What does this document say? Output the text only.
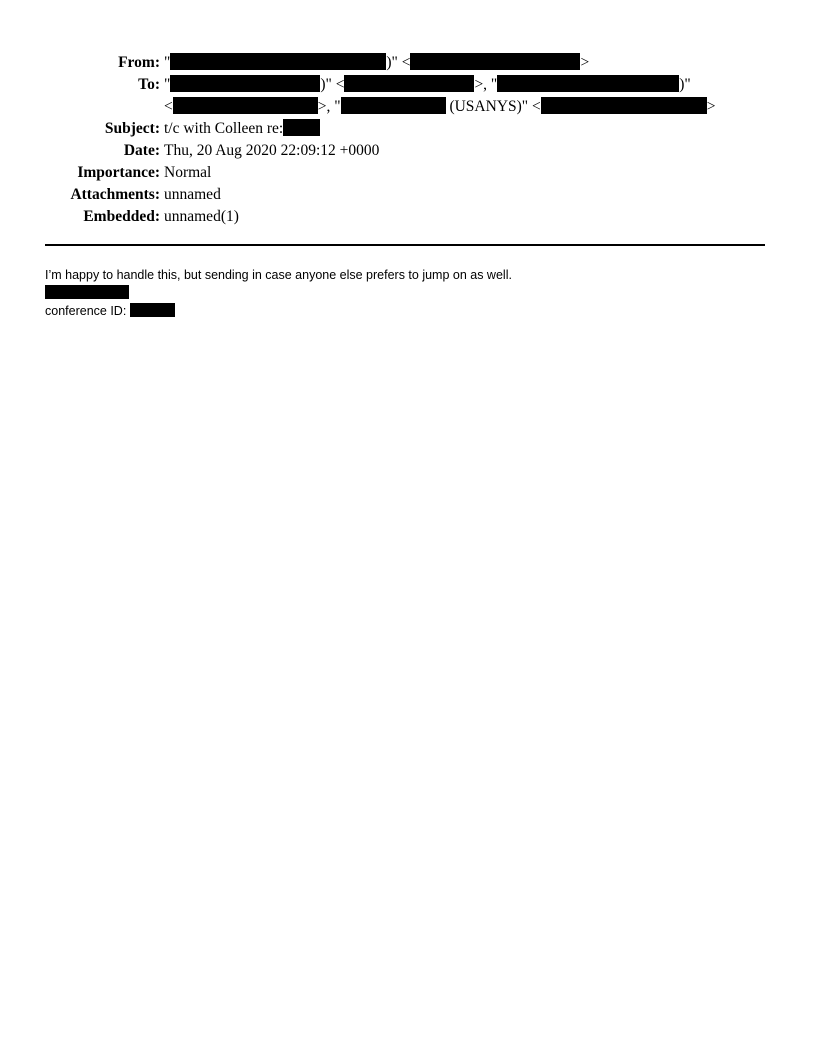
From: "	)" <	>
To: "	)" <	>, "	)"
<	>, "	(USANYS)" <	>
Subject: t/c with Colleen re:
Date: Thu, 20 Aug 2020 22:09:12 +0000
Importance: Normal
Attachments: unnamed
Embedded: unnamed(1)
I’m happy to handle this, but sending in case anyone else prefers to jump on as well.
conference ID:
